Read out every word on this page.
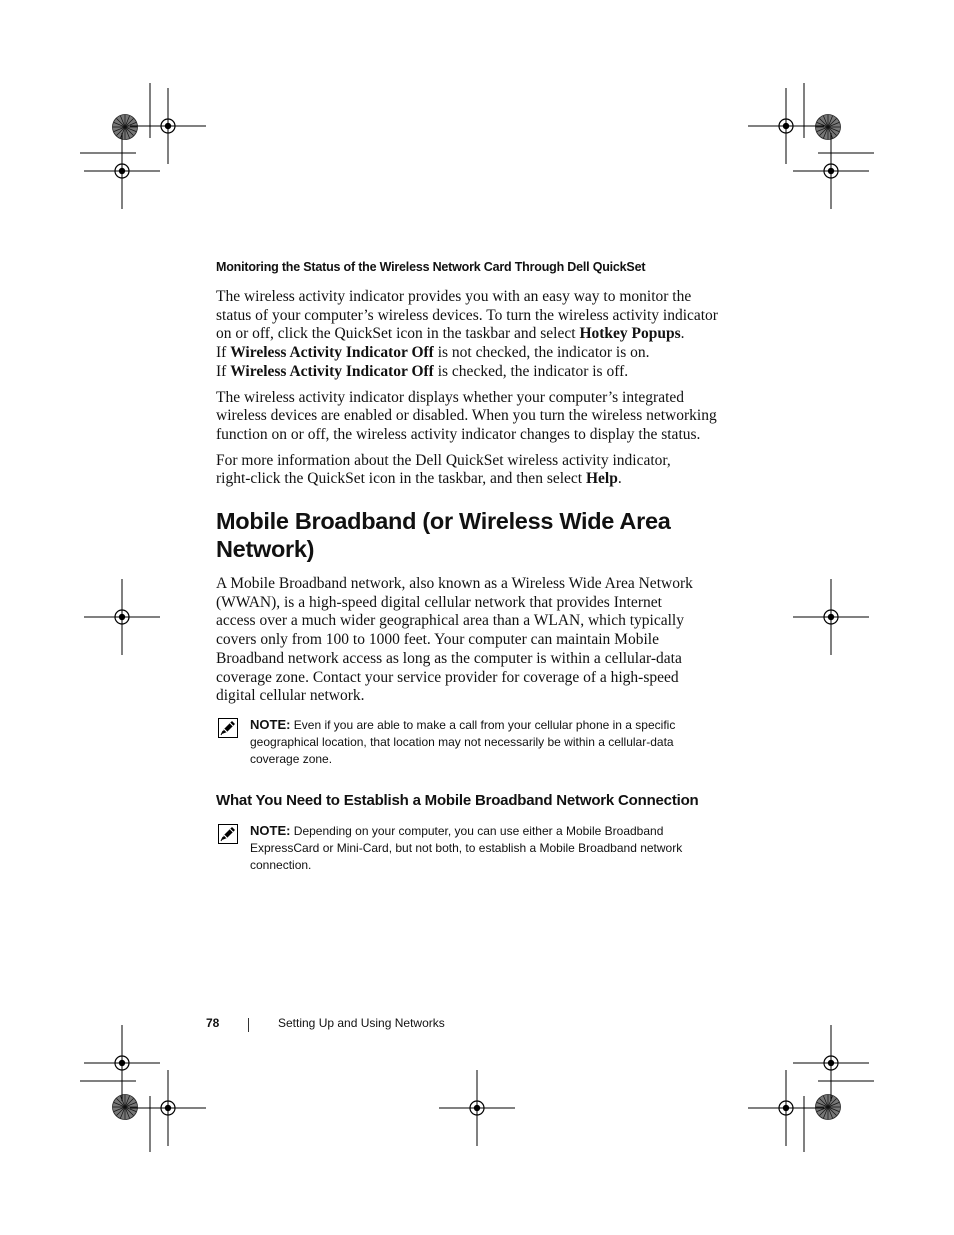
Monitoring the Status of the Wireless Network Card Through Dell QuickSet

The wireless activity indicator provides you with an easy way to monitor the
status of your computer’s wireless devices. To turn the wireless activity indicator
on or off, click the QuickSet icon in the taskbar and select Hotkey Popups.
If Wireless Activity Indicator Off is not checked, the indicator is on.
If Wireless Activity Indicator Off is checked, the indicator is off.

The wireless activity indicator displays whether your computer’s integrated
wireless devices are enabled or disabled. When you turn the wireless networking
function on or off, the wireless activity indicator changes to display the status.

For more information about the Dell QuickSet wireless activity indicator,
right-click the QuickSet icon in the taskbar, and then select Help.

Mobile Broadband (or Wireless Wide Area
Network)

A Mobile Broadband network, also known as a Wireless Wide Area Network
(WWAN), is a high-speed digital cellular network that provides Internet
access over a much wider geographical area than a WLAN, which typically
covers only from 100 to 1000 feet. Your computer can maintain Mobile
Broadband network access as long as the computer is within a cellular-data
coverage zone. Contact your service provider for coverage of a high-speed
digital cellular network.

NOTE: Even if you are able to make a call from your cellular phone in a specific
geographical location, that location may not necessarily be within a cellular-data
coverage zone.
What You Need to Establish a Mobile Broadband Network Connection
NOTE: Depending on your computer, you can use either a Mobile Broadband
ExpressCard or Mini-Card, but not both, to establish a Mobile Broadband network
connection.
78	Setting Up and Using Networks
